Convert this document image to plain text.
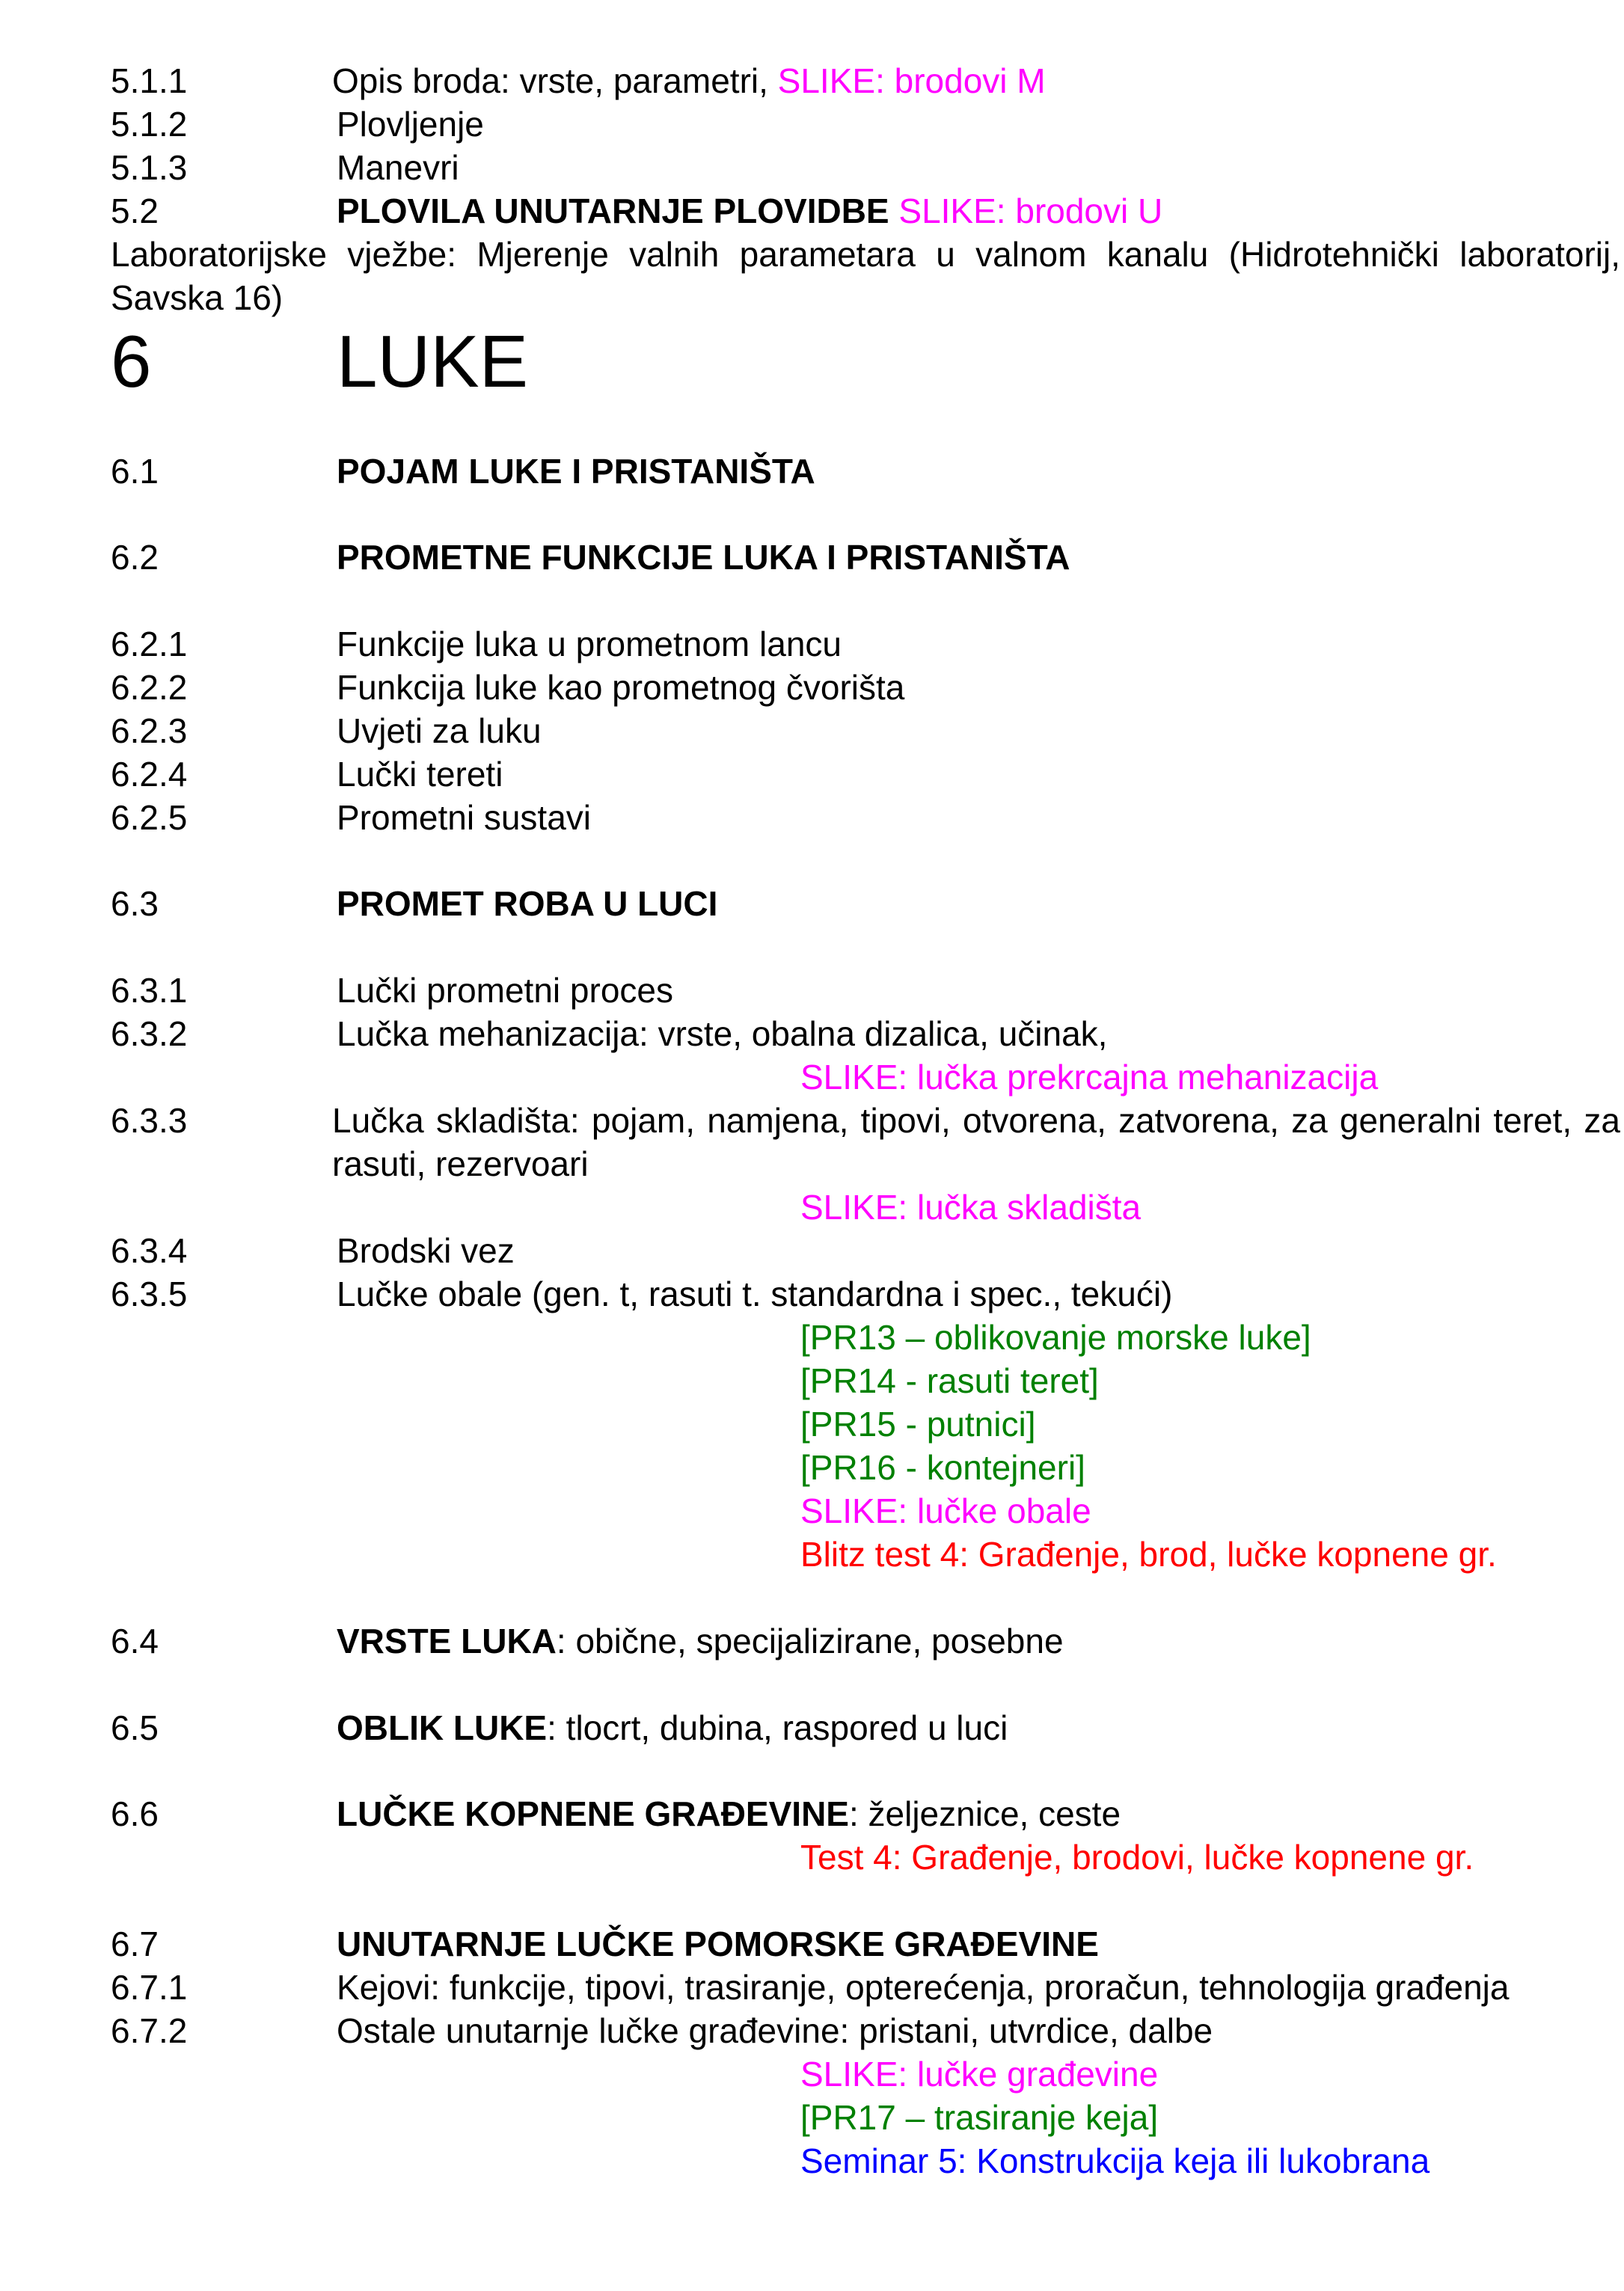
5.1.1	Opis broda: vrste, parametri, SLIKE: brodovi M
5.1.2	Plovljenje
5.1.3	Manevri
5.2	PLOVILA UNUTARNJE PLOVIDBE SLIKE: brodovi U
Laboratorijske vježbe: Mjerenje valnih parametara u valnom kanalu (Hidrotehnički laboratorij, Savska 16)
6	LUKE
6.1	POJAM LUKE I PRISTANIŠTA
6.2	PROMETNE FUNKCIJE LUKA I PRISTANIŠTA
6.2.1	Funkcije luka u prometnom lancu
6.2.2	Funkcija luke kao prometnog čvorišta
6.2.3	Uvjeti za luku
6.2.4	Lučki tereti
6.2.5	Prometni sustavi
6.3	PROMET ROBA U LUCI
6.3.1	Lučki prometni proces
6.3.2	Lučka mehanizacija: vrste, obalna dizalica, učinak,
SLIKE: lučka prekrcajna mehanizacija
6.3.3	Lučka skladišta: pojam, namjena, tipovi, otvorena, zatvorena, za generalni teret, za rasuti, rezervoari
SLIKE: lučka skladišta
6.3.4	Brodski vez
6.3.5	Lučke obale (gen. t, rasuti t. standardna i spec., tekući)
[PR13 – oblikovanje morske luke]
[PR14 - rasuti teret]
[PR15 - putnici]
[PR16 - kontejneri]
SLIKE: lučke obale
Blitz test 4: Građenje, brod, lučke kopnene gr.
6.4	VRSTE LUKA: obične, specijalizirane, posebne
6.5	OBLIK LUKE: tlocrt, dubina, raspored u luci
6.6	LUČKE KOPNENE GRAĐEVINE: željeznice, ceste
Test 4: Građenje, brodovi, lučke kopnene gr.
6.7	UNUTARNJE LUČKE POMORSKE GRAĐEVINE
6.7.1	Kejovi: funkcije, tipovi, trasiranje, opterećenja, proračun, tehnologija građenja
6.7.2	Ostale unutarnje lučke građevine: pristani, utvrdice, dalbe
SLIKE: lučke građevine
[PR17 – trasiranje keja]
Seminar 5: Konstrukcija keja ili lukobrana
